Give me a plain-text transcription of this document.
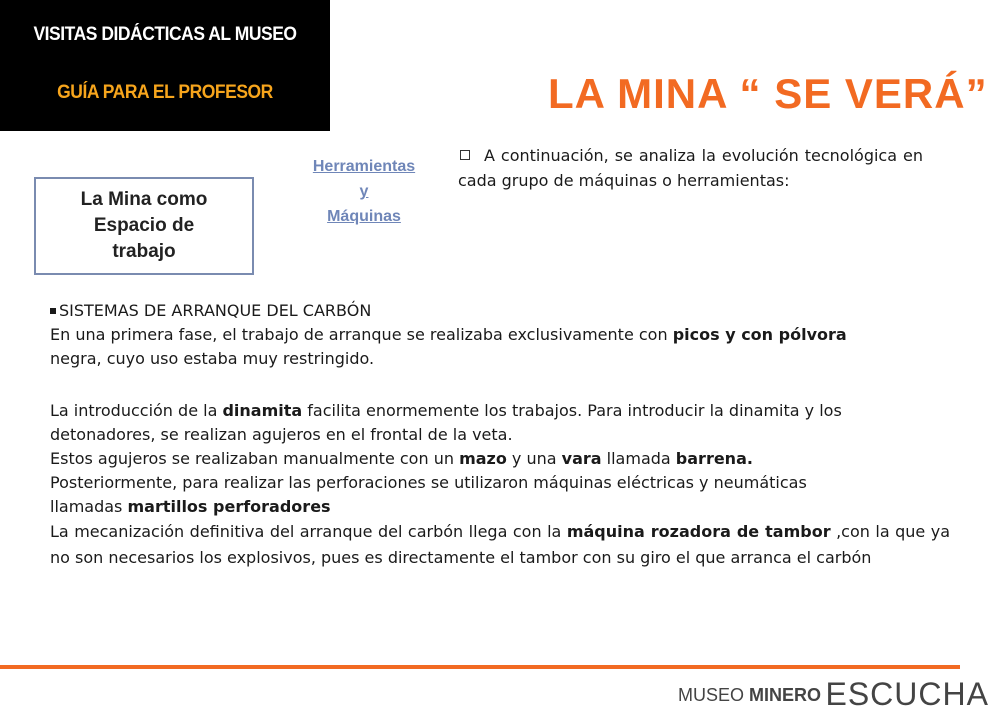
VISITAS DIDÁCTICAS AL MUSEO
GUÍA PARA EL PROFESOR	LA MINA “ SE VERÁ”
La Mina como
Espacio de
trabajo
Herramientas
y
Máquinas
A continuación, se analiza la evolución tecnológica en cada grupo de máquinas o herramientas:

SISTEMAS DE ARRANQUE DEL CARBÓN

En una primera fase, el trabajo de arranque se realizaba exclusivamente con picos y con pólvora

negra, cuyo uso estaba muy restringido.

La introducción de la dinamita facilita enormemente los trabajos. Para introducir la dinamita y los detonadores, se realizan agujeros en el frontal de la veta.

Estos agujeros se realizaban manualmente con un mazo y una vara llamada barrena.

Posteriormente, para realizar las perforaciones se utilizaron máquinas eléctricas y neumáticas llamadas martillos perforadores

La mecanización definitiva del arranque del carbón llega con la máquina rozadora de tambor ,con la que ya no son necesarios los explosivos, pues es directamente el tambor con su giro el que arranca el carbón

MUSEO MINERO ESCUCHA
